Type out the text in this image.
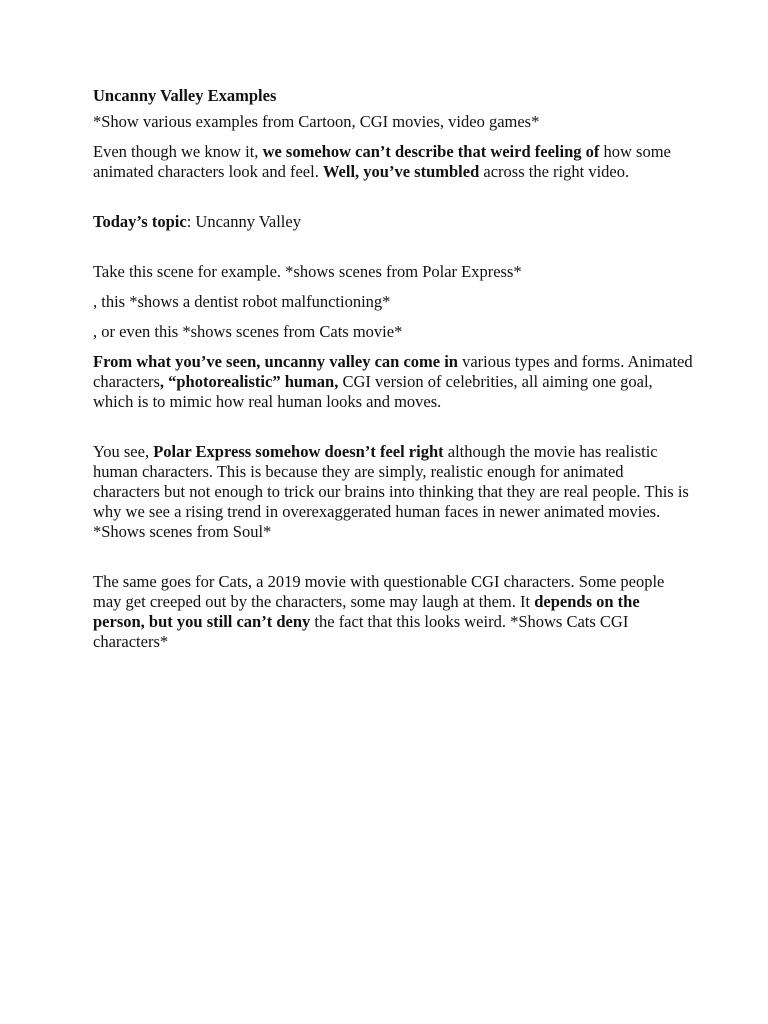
Uncanny Valley Examples

*Show various examples from Cartoon, CGI movies, video games*

Even though we know it, we somehow can’t describe that weird feeling of how some animated characters look and feel. Well, you’ve stumbled across the right video.

Today’s topic: Uncanny Valley

Take this scene for example. *shows scenes from Polar Express*

, this *shows a dentist robot malfunctioning*

, or even this *shows scenes from Cats movie*

From what you’ve seen, uncanny valley can come in various types and forms. Animated characters, “photorealistic” human, CGI version of celebrities, all aiming one goal, which is to mimic how real human looks and moves.

You see, Polar Express somehow doesn’t feel right although the movie has realistic human characters. This is because they are simply, realistic enough for animated characters but not enough to trick our brains into thinking that they are real people. This is why we see a rising trend in overexaggerated human faces in newer animated movies. *Shows scenes from Soul*

The same goes for Cats, a 2019 movie with questionable CGI characters. Some people may get creeped out by the characters, some may laugh at them. It depends on the person, but you still can’t deny the fact that this looks weird. *Shows Cats CGI characters*
